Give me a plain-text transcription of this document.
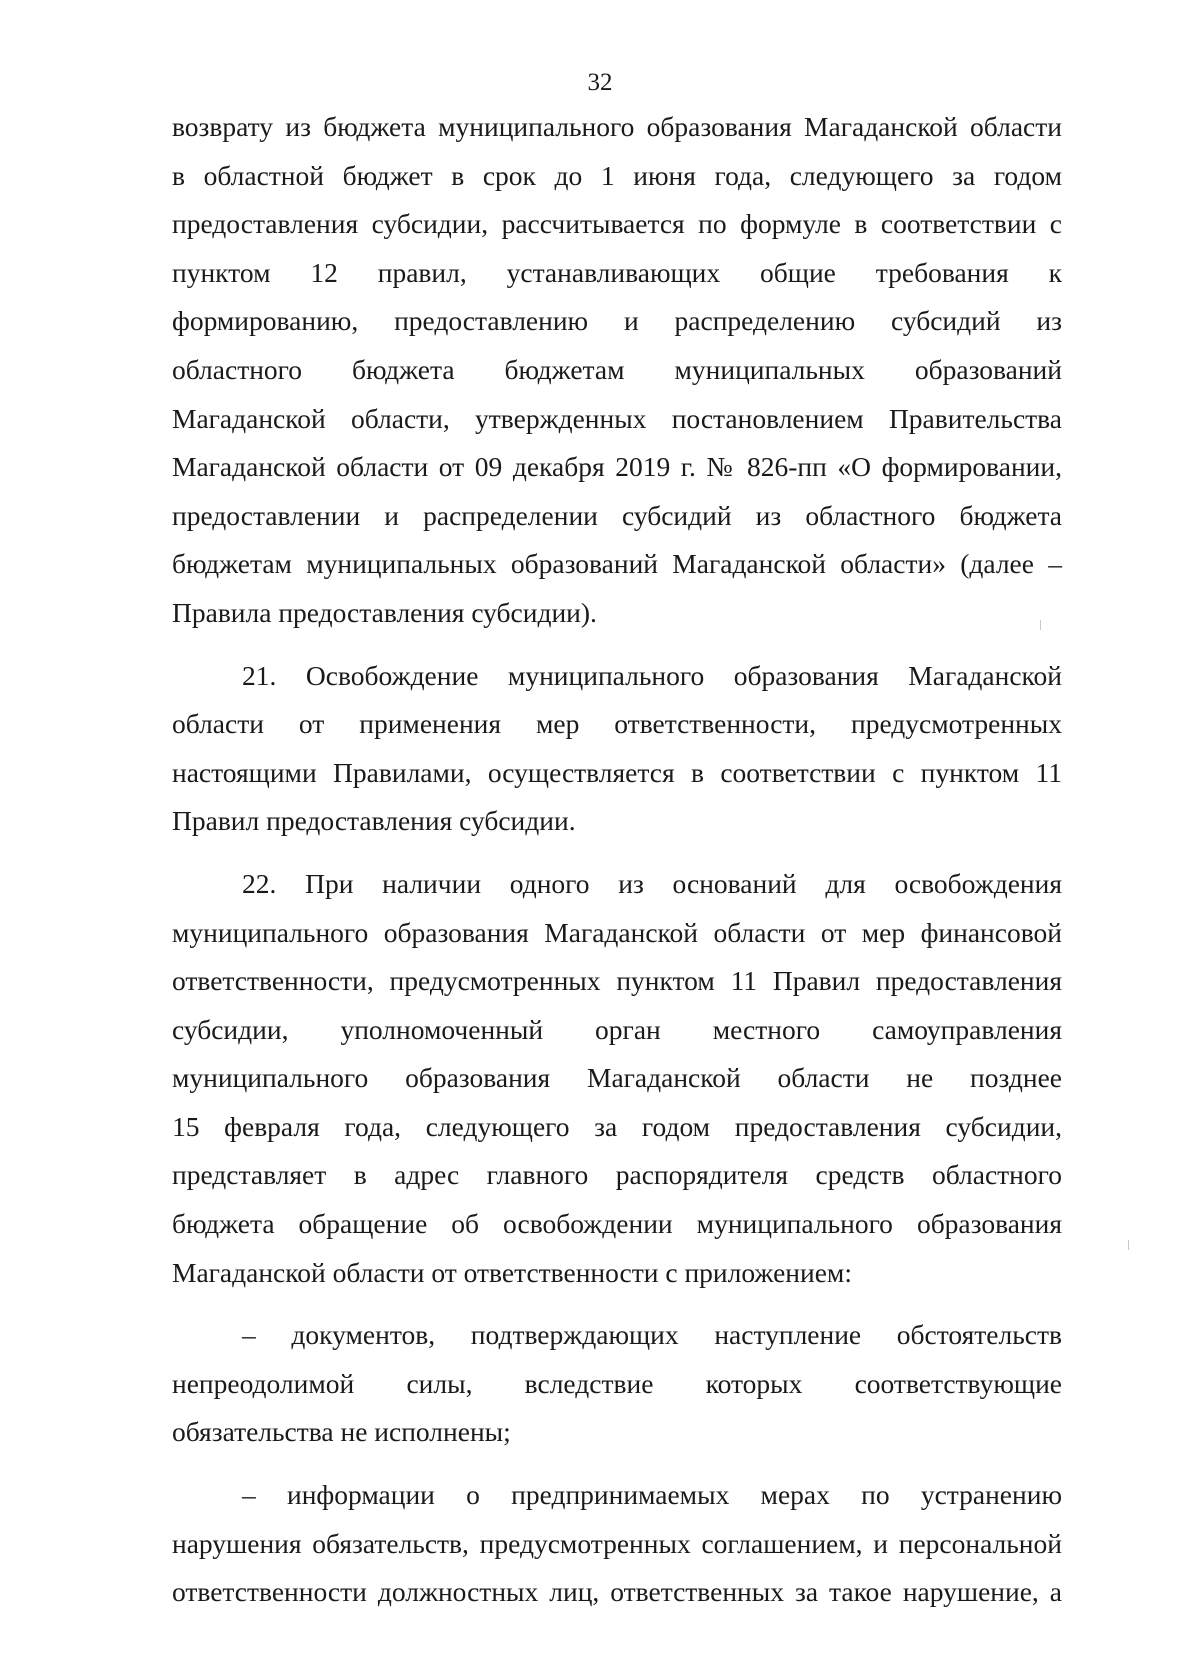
32
возврату из бюджета муниципального образования Магаданской области
в областной бюджет в срок до 1 июня года, следующего за годом
предоставления субсидии, рассчитывается по формуле в соответствии с
пунктом 12 правил, устанавливающих общие требования к
формированию, предоставлению и распределению субсидий из
областного бюджета бюджетам муниципальных образований
Магаданской области, утвержденных постановлением Правительства
Магаданской области от 09 декабря 2019 г. № 826-пп «О формировании,
предоставлении и распределении субсидий из областного бюджета
бюджетам муниципальных образований Магаданской области» (далее –
Правила предоставления субсидии).
21. Освобождение муниципального образования Магаданской
области от применения мер ответственности, предусмотренных
настоящими Правилами, осуществляется в соответствии с пунктом 11
Правил предоставления субсидии.
22. При наличии одного из оснований для освобождения
муниципального образования Магаданской области от мер финансовой
ответственности, предусмотренных пунктом 11 Правил предоставления
субсидии, уполномоченный орган местного самоуправления
муниципального образования Магаданской области не позднее
15 февраля года, следующего за годом предоставления субсидии,
представляет в адрес главного распорядителя средств областного
бюджета обращение об освобождении муниципального образования
Магаданской области от ответственности с приложением:
– документов, подтверждающих наступление обстоятельств
непреодолимой силы, вследствие которых соответствующие
обязательства не исполнены;
– информации о предпринимаемых мерах по устранению
нарушения обязательств, предусмотренных соглашением, и персональной
ответственности должностных лиц, ответственных за такое нарушение, а
